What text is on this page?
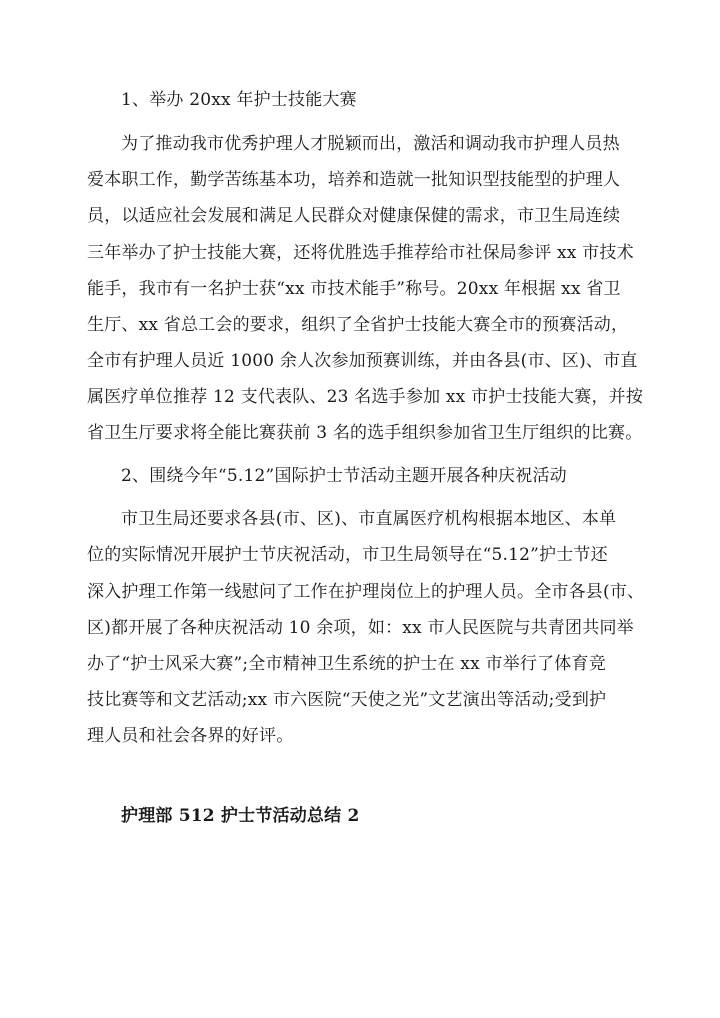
1、举办 20xx 年护士技能大赛
为了推动我市优秀护理人才脱颖而出，激活和调动我市护理人员热
爱本职工作，勤学苦练基本功，培养和造就一批知识型技能型的护理人
员，以适应社会发展和满足人民群众对健康保健的需求，市卫生局连续
三年举办了护士技能大赛，还将优胜选手推荐给市社保局参评 xx 市技术
能手，我市有一名护士获“xx 市技术能手”称号。20xx 年根据 xx 省卫
生厅、xx 省总工会的要求，组织了全省护士技能大赛全市的预赛活动，
全市有护理人员近 1000 余人次参加预赛训练，并由各县(市、区)、市直
属医疗单位推荐 12 支代表队、23 名选手参加 xx 市护士技能大赛，并按
省卫生厅要求将全能比赛获前 3 名的选手组织参加省卫生厅组织的比赛。
2、围绕今年“5.12”国际护士节活动主题开展各种庆祝活动
市卫生局还要求各县(市、区)、市直属医疗机构根据本地区、本单
位的实际情况开展护士节庆祝活动，市卫生局领导在“5.12”护士节还
深入护理工作第一线慰问了工作在护理岗位上的护理人员。全市各县(市、
区)都开展了各种庆祝活动 10 余项，如：xx 市人民医院与共青团共同举
办了“护士风采大赛”;全市精神卫生系统的护士在 xx 市举行了体育竞
技比赛等和文艺活动;xx 市六医院“天使之光”文艺演出等活动;受到护
理人员和社会各界的好评。
护理部 512 护士节活动总结 2
